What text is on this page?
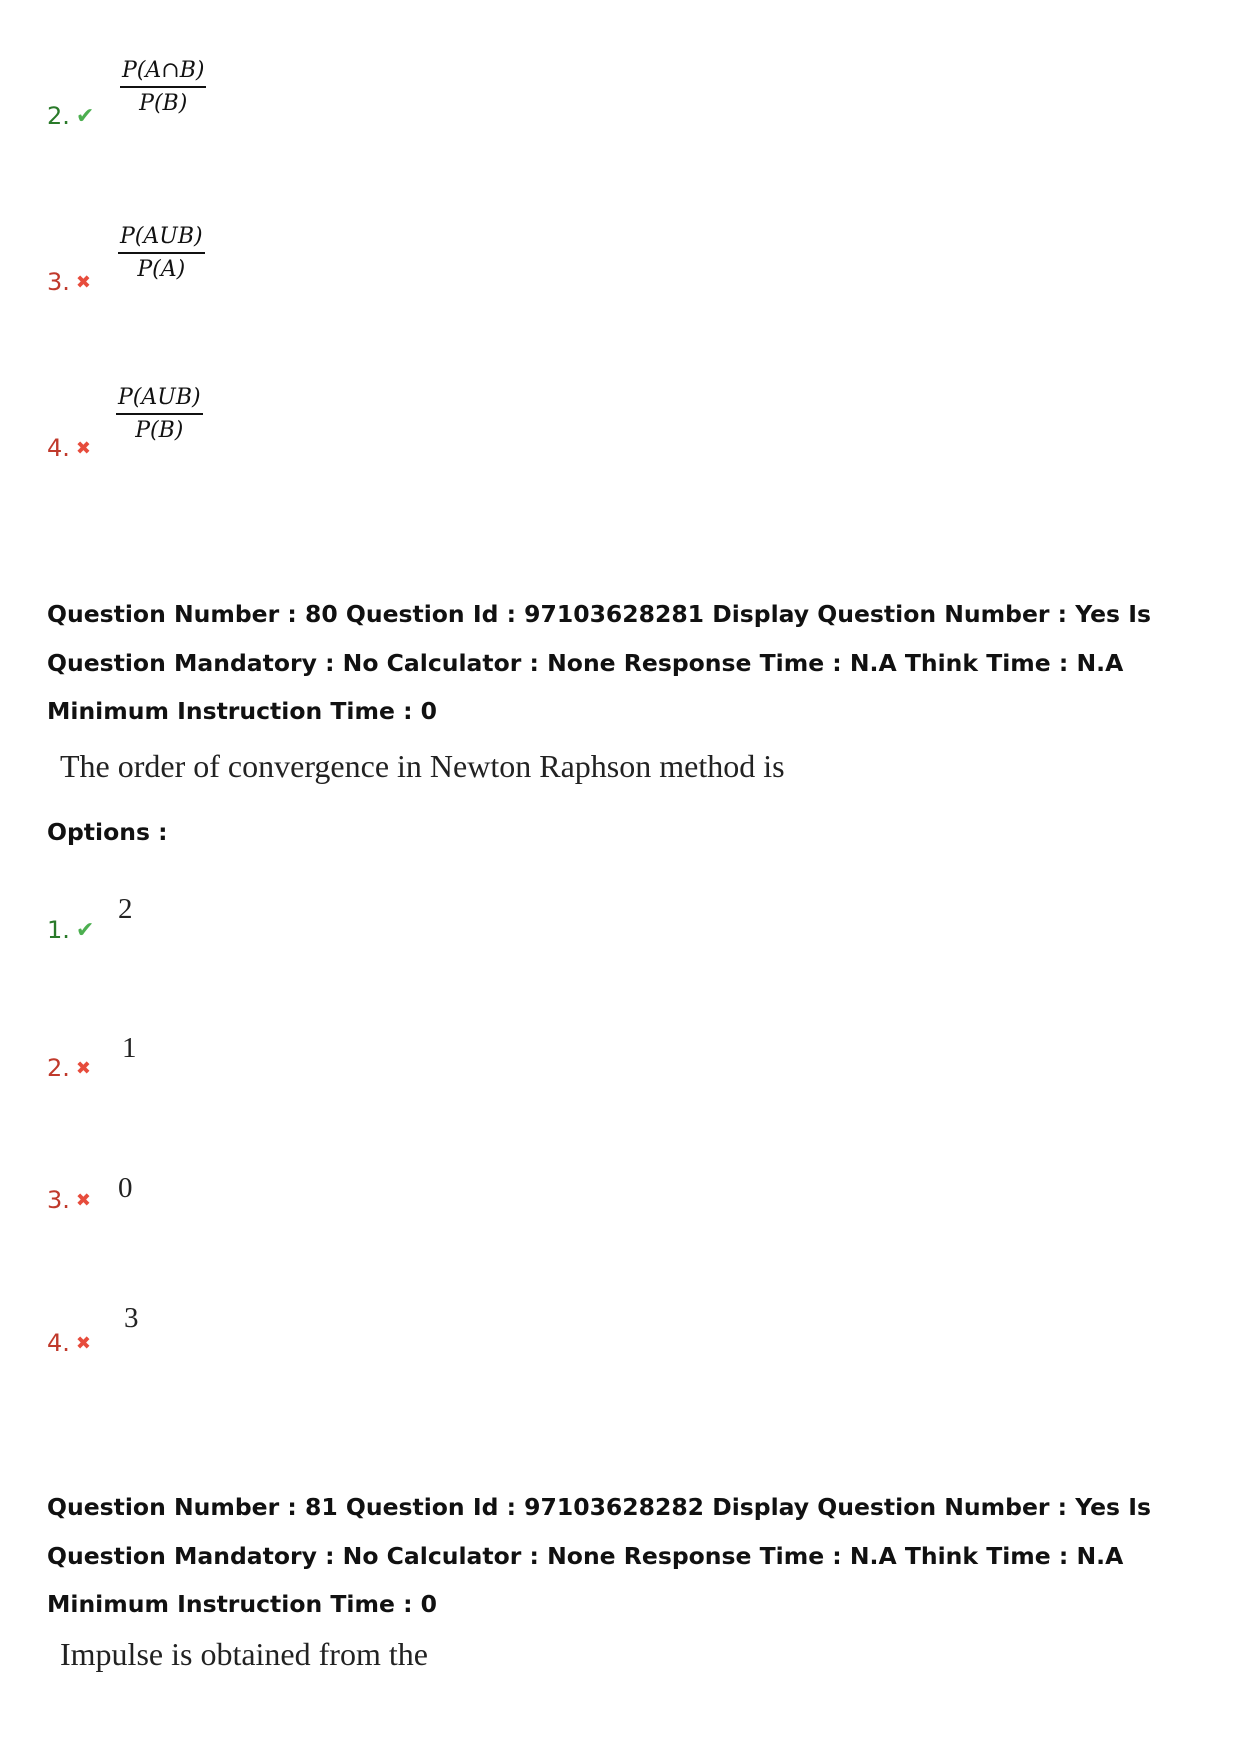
2. ✔ $\frac{P(A\cap B)}{P(B)}$
3. ✖
P(AUB)
P(A)
4. ✖
P(AUB)
P(B)
Question Number : 80 Question Id : 97103628281 Display Question Number : Yes Is Question Mandatory : No Calculator : None Response Time : N.A Think Time : N.A Minimum Instruction Time : 0
The order of convergence in Newton Raphson method is
Options :
1. ✔
2
2. ✖
1
3. ✖ 0
4. ✖
3
Question Number : 81 Question Id : 97103628282 Display Question Number : Yes Is Question Mandatory : No Calculator : None Response Time : N.A Think Time : N.A Minimum Instruction Time : 0
Impulse is obtained from the
